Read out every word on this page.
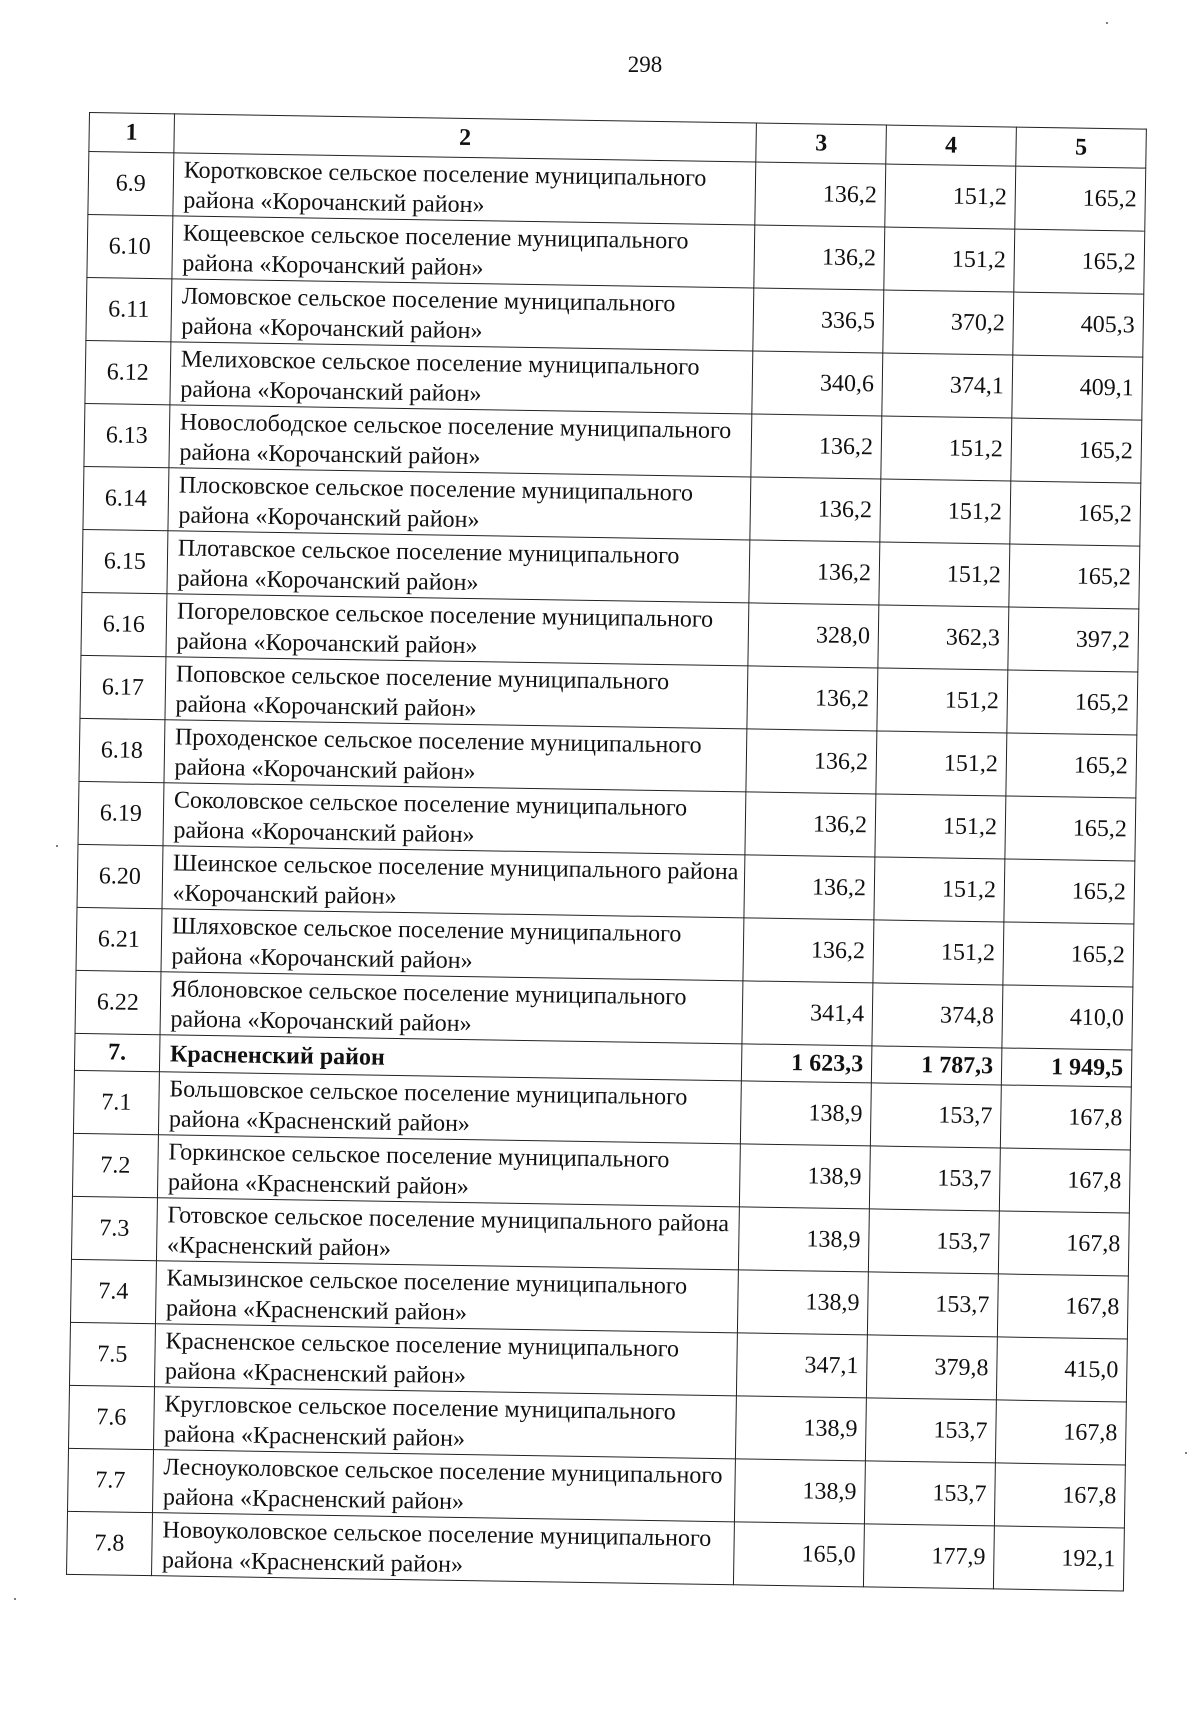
298
1	2	3	4	5
6.9	Коротковское сельское поселение муниципального района «Корочанский район»	136,2	151,2	165,2
6.10	Кощеевское сельское поселение муниципального района «Корочанский район»	136,2	151,2	165,2
6.11	Ломовское сельское поселение муниципального района «Корочанский район»	336,5	370,2	405,3
6.12	Мелиховское сельское поселение муниципального района «Корочанский район»	340,6	374,1	409,1
6.13	Новослободское сельское поселение муниципального района «Корочанский район»	136,2	151,2	165,2
6.14	Плосковское сельское поселение муниципального района «Корочанский район»	136,2	151,2	165,2
6.15	Плотавское сельское поселение муниципального района «Корочанский район»	136,2	151,2	165,2
6.16	Погореловское сельское поселение муниципального района «Корочанский район»	328,0	362,3	397,2
6.17	Поповское сельское поселение муниципального района «Корочанский район»	136,2	151,2	165,2
6.18	Проходенское сельское поселение муниципального района «Корочанский район»	136,2	151,2	165,2
6.19	Соколовское сельское поселение муниципального района «Корочанский район»	136,2	151,2	165,2
6.20	Шеинское сельское поселение муниципального района «Корочанский район»	136,2	151,2	165,2
6.21	Шляховское сельское поселение муниципального района «Корочанский район»	136,2	151,2	165,2
6.22	Яблоновское сельское поселение муниципального района «Корочанский район»	341,4	374,8	410,0
7.	Красненский район	1 623,3	1 787,3	1 949,5
7.1	Большовское сельское поселение муниципального района «Красненский район»	138,9	153,7	167,8
7.2	Горкинское сельское поселение муниципального района «Красненский район»	138,9	153,7	167,8
7.3	Готовское сельское поселение муниципального района «Красненский район»	138,9	153,7	167,8
7.4	Камызинское сельское поселение муниципального района «Красненский район»	138,9	153,7	167,8
7.5	Красненское сельское поселение муниципального района «Красненский район»	347,1	379,8	415,0
7.6	Кругловское сельское поселение муниципального района «Красненский район»	138,9	153,7	167,8
7.7	Лесноуколовское сельское поселение муниципального района «Красненский район»	138,9	153,7	167,8
7.8	Новоуколовское сельское поселение муниципального района «Красненский район»	165,0	177,9	192,1
